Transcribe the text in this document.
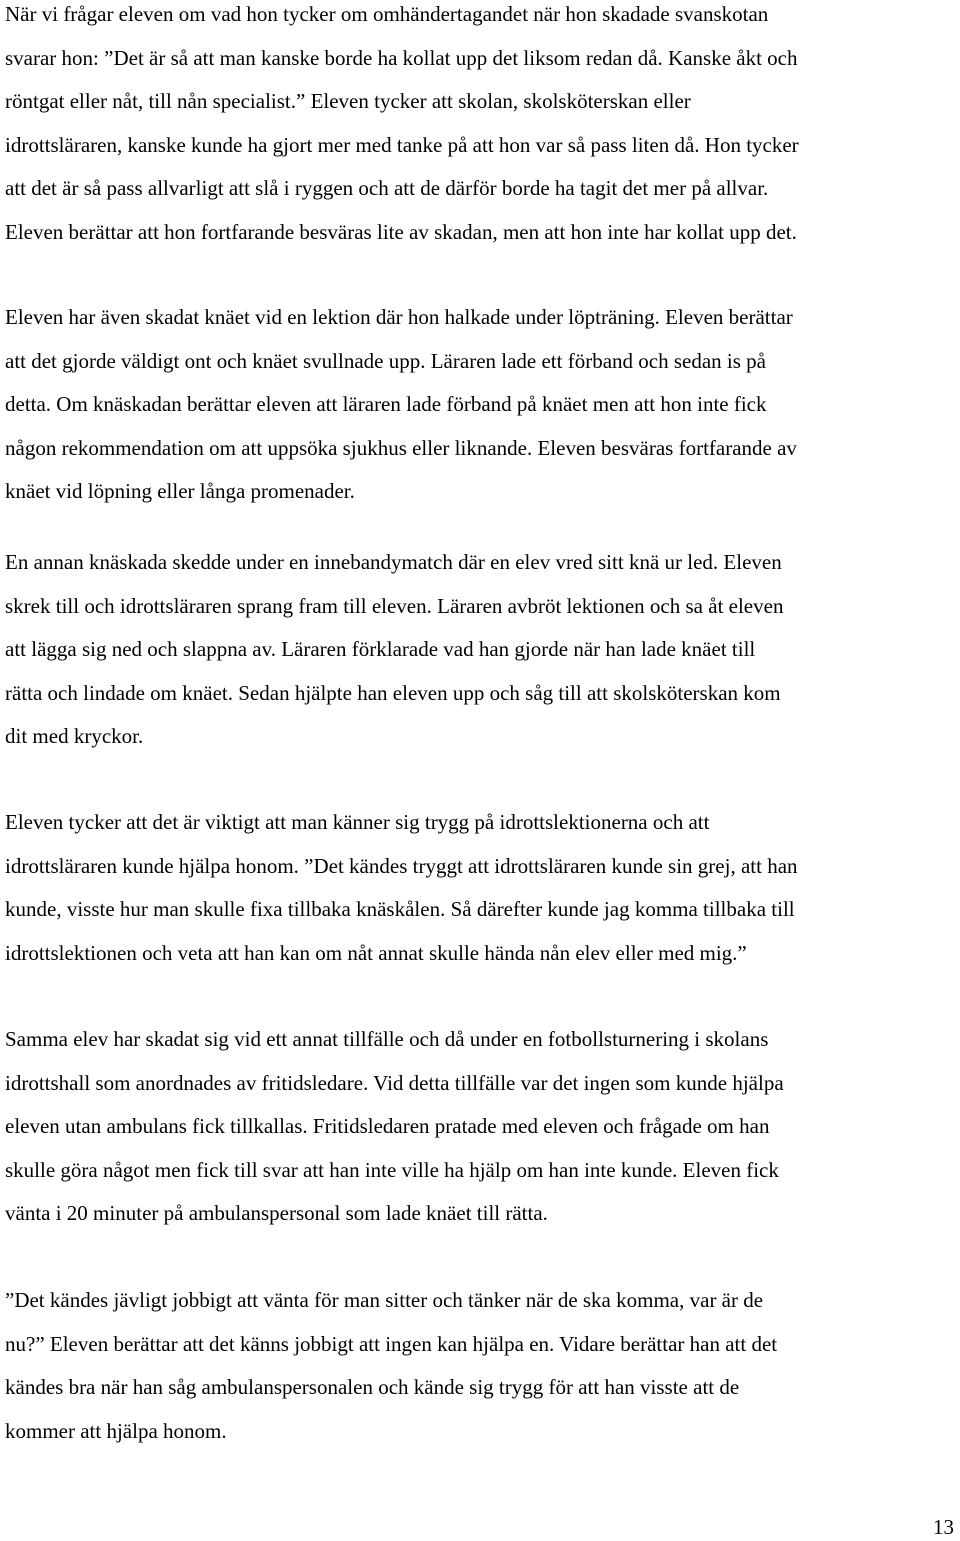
När vi frågar eleven om vad hon tycker om omhändertagandet när hon skadade svanskotan
svarar hon: ”Det är så att man kanske borde ha kollat upp det liksom redan då. Kanske åkt och
röntgat eller nåt, till nån specialist.” Eleven tycker att skolan, skolsköterskan eller
idrottsläraren, kanske kunde ha gjort mer med tanke på att hon var så pass liten då. Hon tycker
att det är så pass allvarligt att slå i ryggen och att de därför borde ha tagit det mer på allvar.
Eleven berättar att hon fortfarande besväras lite av skadan, men att hon inte har kollat upp det.
Eleven har även skadat knäet vid en lektion där hon halkade under löpträning. Eleven berättar
att det gjorde väldigt ont och knäet svullnade upp. Läraren lade ett förband och sedan is på
detta. Om knäskadan berättar eleven att läraren lade förband på knäet men att hon inte fick
någon rekommendation om att uppsöka sjukhus eller liknande. Eleven besväras fortfarande av
knäet vid löpning eller långa promenader.
En annan knäskada skedde under en innebandymatch där en elev vred sitt knä ur led. Eleven
skrek till och idrottsläraren sprang fram till eleven. Läraren avbröt lektionen och sa åt eleven
att lägga sig ned och slappna av. Läraren förklarade vad han gjorde när han lade knäet till
rätta och lindade om knäet. Sedan hjälpte han eleven upp och såg till att skolsköterskan kom
dit med kryckor.
Eleven tycker att det är viktigt att man känner sig trygg på idrottslektionerna och att
idrottsläraren kunde hjälpa honom. ”Det kändes tryggt att idrottsläraren kunde sin grej, att han
kunde, visste hur man skulle fixa tillbaka knäskålen. Så därefter kunde jag komma tillbaka till
idrottslektionen och veta att han kan om nåt annat skulle hända nån elev eller med mig.”
Samma elev har skadat sig vid ett annat tillfälle och då under en fotbollsturnering i skolans
idrottshall som anordnades av fritidsledare. Vid detta tillfälle var det ingen som kunde hjälpa
eleven utan ambulans fick tillkallas. Fritidsledaren pratade med eleven och frågade om han
skulle göra något men fick till svar att han inte ville ha hjälp om han inte kunde. Eleven fick
vänta i 20 minuter på ambulanspersonal som lade knäet till rätta.
”Det kändes jävligt jobbigt att vänta för man sitter och tänker när de ska komma, var är de
nu?” Eleven berättar att det känns jobbigt att ingen kan hjälpa en. Vidare berättar han att det
kändes bra när han såg ambulanspersonalen och kände sig trygg för att han visste att de
kommer att hjälpa honom.
13
